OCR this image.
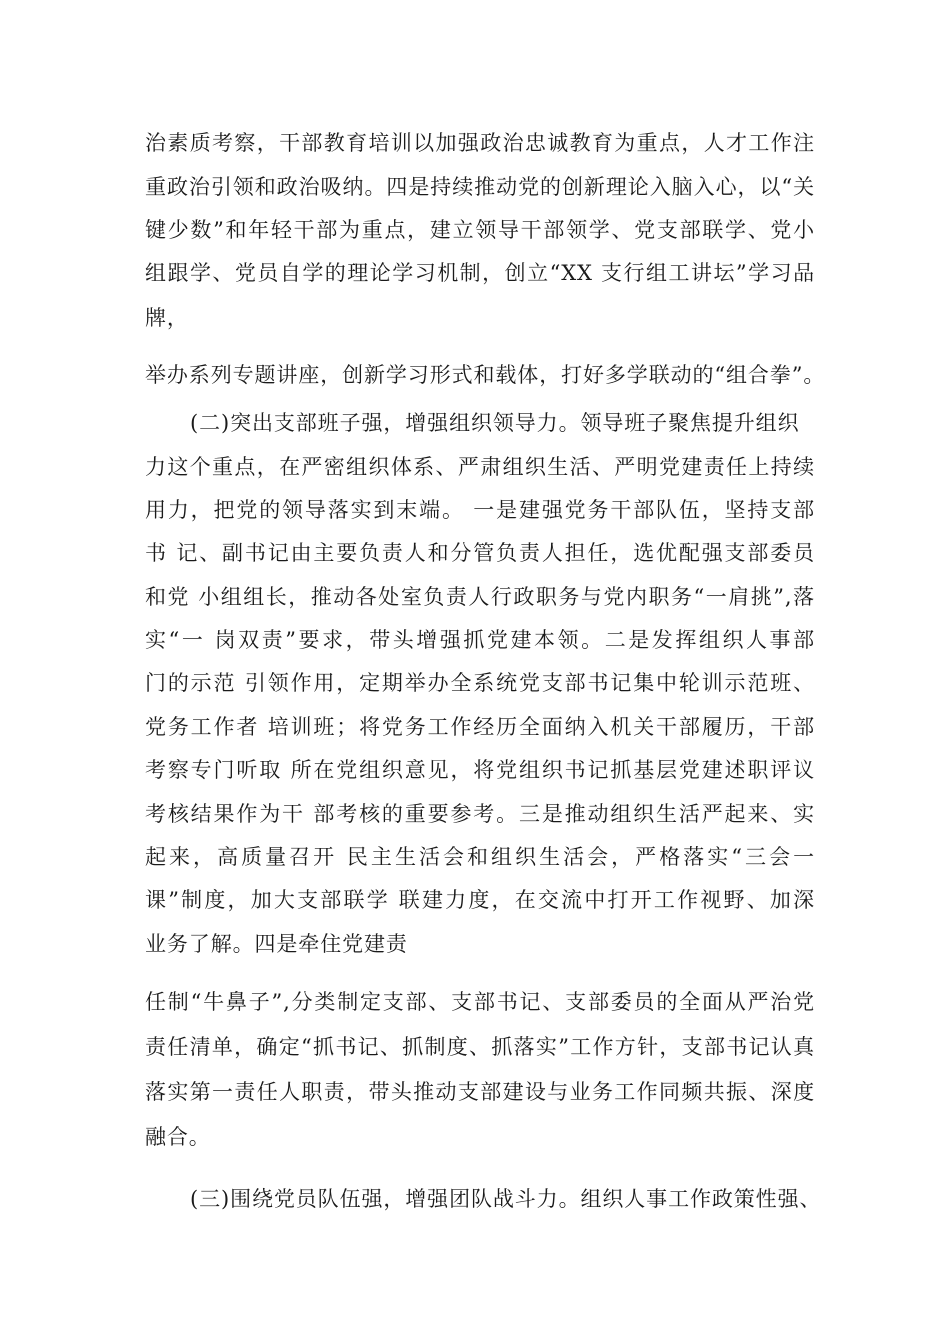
治素质考察，干部教育培训以加强政治忠诚教育为重点，人才工作注
重政治引领和政治吸纳。四是持续推动党的创新理论入脑入心，以“关
键少数”和年轻干部为重点，建立领导干部领学、党支部联学、党小
组跟学、党员自学的理论学习机制，创立“XX 支行组工讲坛”学习品
牌，
举办系列专题讲座，创新学习形式和载体，打好多学联动的“组合拳”。
(二)突出支部班子强，增强组织领导力。领导班子聚焦提升组织
力这个重点，在严密组织体系、严肃组织生活、严明党建责任上持续
用力，把党的领导落实到末端。 一是建强党务干部队伍，坚持支部
书 记、副书记由主要负责人和分管负责人担任，选优配强支部委员
和党 小组组长，推动各处室负责人行政职务与党内职务“一肩挑”,落
实“一 岗双责”要求，带头增强抓党建本领。二是发挥组织人事部
门的示范 引领作用，定期举办全系统党支部书记集中轮训示范班、
党务工作者 培训班；将党务工作经历全面纳入机关干部履历，干部
考察专门听取 所在党组织意见，将党组织书记抓基层党建述职评议
考核结果作为干 部考核的重要参考。三是推动组织生活严起来、实
起来，高质量召开 民主生活会和组织生活会，严格落实“三会一
课”制度，加大支部联学 联建力度，在交流中打开工作视野、加深
业务了解。四是牵住党建责
任制“牛鼻子”,分类制定支部、支部书记、支部委员的全面从严治党
责任清单，确定“抓书记、抓制度、抓落实”工作方针，支部书记认真
落实第一责任人职责，带头推动支部建设与业务工作同频共振、深度
融合。
(三)围绕党员队伍强，增强团队战斗力。组织人事工作政策性强、
